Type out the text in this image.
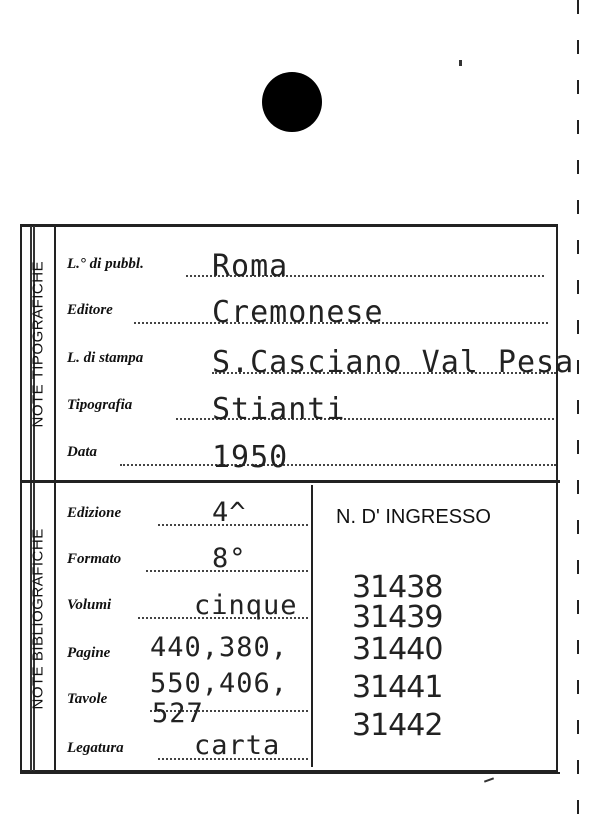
NOTE TIPOGRAFICHE
NOTE BIBLIOGRAFICHE
L.° di pubbl. Roma
Editore	Cremonese
L. di stampa S.Casciano Val Pesa
Tipografia	Stianti
Data	1950
Edizione	4^
Formato	8°
Volumi	cinque
Pagine 440,380,
Tavole 550,406,
527
Legatura	carta
N. D' INGRESSO
31438
31439
31440
31441
31442
